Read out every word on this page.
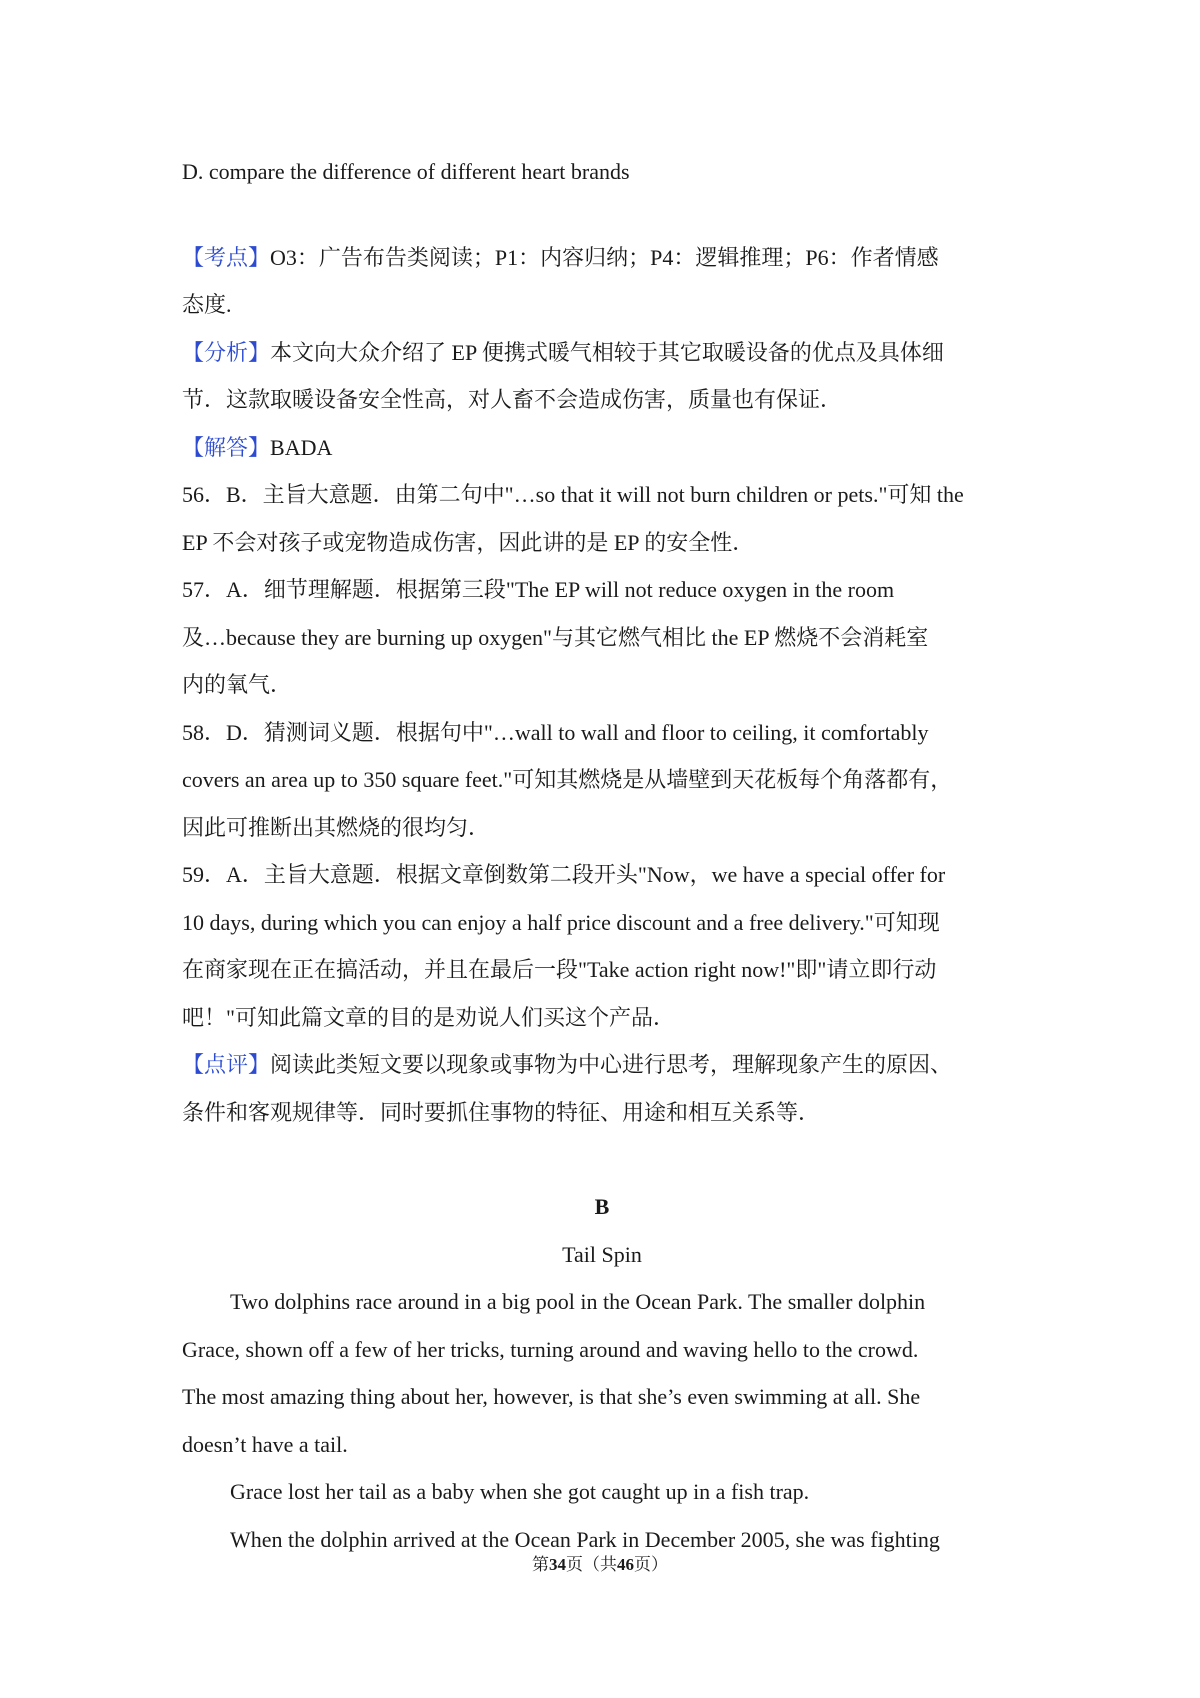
D. compare the difference of different heart brands

【考点】O3：广告布告类阅读；P1：内容归纳；P4：逻辑推理；P6：作者情感

态度.

【分析】本文向大众介绍了 EP 便携式暖气相较于其它取暖设备的优点及具体细

节．这款取暖设备安全性高，对人畜不会造成伤害，质量也有保证．

【解答】BADA

56．B．主旨大意题．由第二句中"…so that it will not burn children or pets."可知 the

EP 不会对孩子或宠物造成伤害，因此讲的是 EP 的安全性．

57．A．细节理解题．根据第三段"The EP will not reduce oxygen in the room

及…because they are burning up oxygen"与其它燃气相比 the EP 燃烧不会消耗室

内的氧气．

58．D．猜测词义题．根据句中"…wall to wall and floor to ceiling, it comfortably

covers an area up to 350 square feet."可知其燃烧是从墙壁到天花板每个角落都有，

因此可推断出其燃烧的很均匀．

59．A．主旨大意题．根据文章倒数第二段开头"Now，we have a special offer for

10 days, during which you can enjoy a half price discount and a free delivery."可知现

在商家现在正在搞活动，并且在最后一段"Take action right now!"即"请立即行动

吧！"可知此篇文章的目的是劝说人们买这个产品．

【点评】阅读此类短文要以现象或事物为中心进行思考，理解现象产生的原因、

条件和客观规律等．同时要抓住事物的特征、用途和相互关系等．

B

Tail Spin

Two dolphins race around in a big pool in the Ocean Park. The smaller dolphin

Grace, shown off a few of her tricks, turning around and waving hello to the crowd.

The most amazing thing about her, however, is that she’s even swimming at all. She

doesn’t have a tail.

Grace lost her tail as a baby when she got caught up in a fish trap.

When the dolphin arrived at the Ocean Park in December 2005, she was fighting

第34页（共46页）
